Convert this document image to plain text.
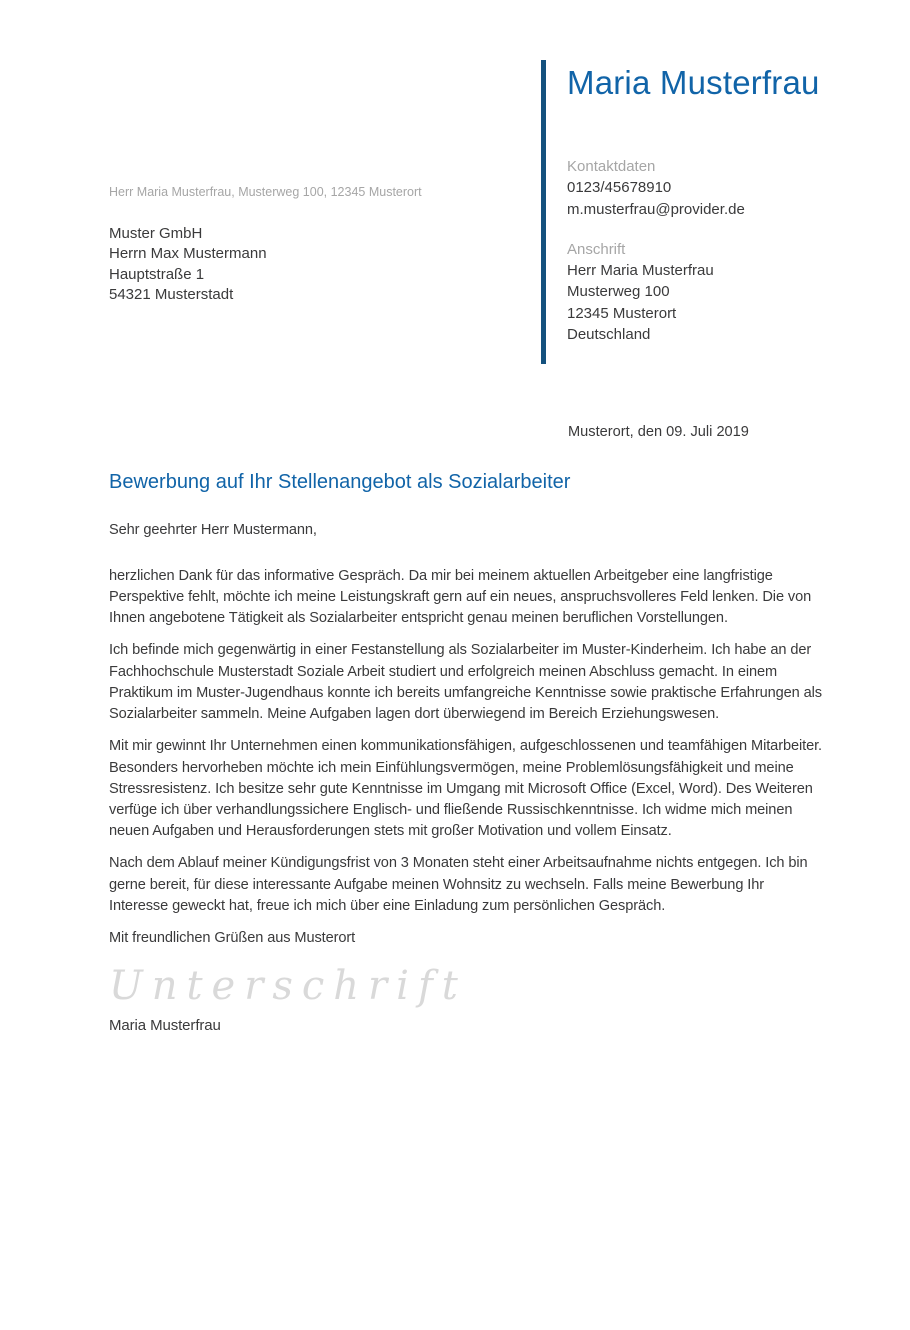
Herr Maria Musterfrau, Musterweg 100, 12345 Musterort
Muster GmbH
Herrn Max Mustermann
Hauptstraße 1
54321 Musterstadt
Maria Musterfrau
Kontaktdaten
0123/45678910
m.musterfrau@provider.de
Anschrift
Herr Maria Musterfrau
Musterweg 100
12345 Musterort
Deutschland
Musterort, den 09. Juli 2019
Bewerbung auf Ihr Stellenangebot als Sozialarbeiter

Sehr geehrter Herr Mustermann,

herzlichen Dank für das informative Gespräch. Da mir bei meinem aktuellen Arbeitgeber eine langfristige Perspektive fehlt, möchte ich meine Leistungskraft gern auf ein neues, anspruchsvolleres Feld lenken. Die von Ihnen angebotene Tätigkeit als Sozialarbeiter entspricht genau meinen beruflichen Vorstellungen.

Ich befinde mich gegenwärtig in einer Festanstellung als Sozialarbeiter im Muster-Kinderheim. Ich habe an der Fachhochschule Musterstadt Soziale Arbeit studiert und erfolgreich meinen Abschluss gemacht. In einem Praktikum im Muster-Jugendhaus konnte ich bereits umfangreiche Kenntnisse sowie praktische Erfahrungen als Sozialarbeiter sammeln. Meine Aufgaben lagen dort überwiegend im Bereich Erziehungswesen.

Mit mir gewinnt Ihr Unternehmen einen kommunikationsfähigen, aufgeschlossenen und teamfähigen Mitarbeiter. Besonders hervorheben möchte ich mein Einfühlungsvermögen, meine Problemlösungsfähigkeit und meine Stressresistenz. Ich besitze sehr gute Kenntnisse im Umgang mit Microsoft Office (Excel, Word). Des Weiteren verfüge ich über verhandlungssichere Englisch- und fließende Russischkenntnisse. Ich widme mich meinen neuen Aufgaben und Herausforderungen stets mit großer Motivation und vollem Einsatz.

Nach dem Ablauf meiner Kündigungsfrist von 3 Monaten steht einer Arbeitsaufnahme nichts entgegen. Ich bin gerne bereit, für diese interessante Aufgabe meinen Wohnsitz zu wechseln. Falls meine Bewerbung Ihr Interesse geweckt hat, freue ich mich über eine Einladung zum persönlichen Gespräch.

Mit freundlichen Grüßen aus Musterort

Unterschrift
Maria Musterfrau
